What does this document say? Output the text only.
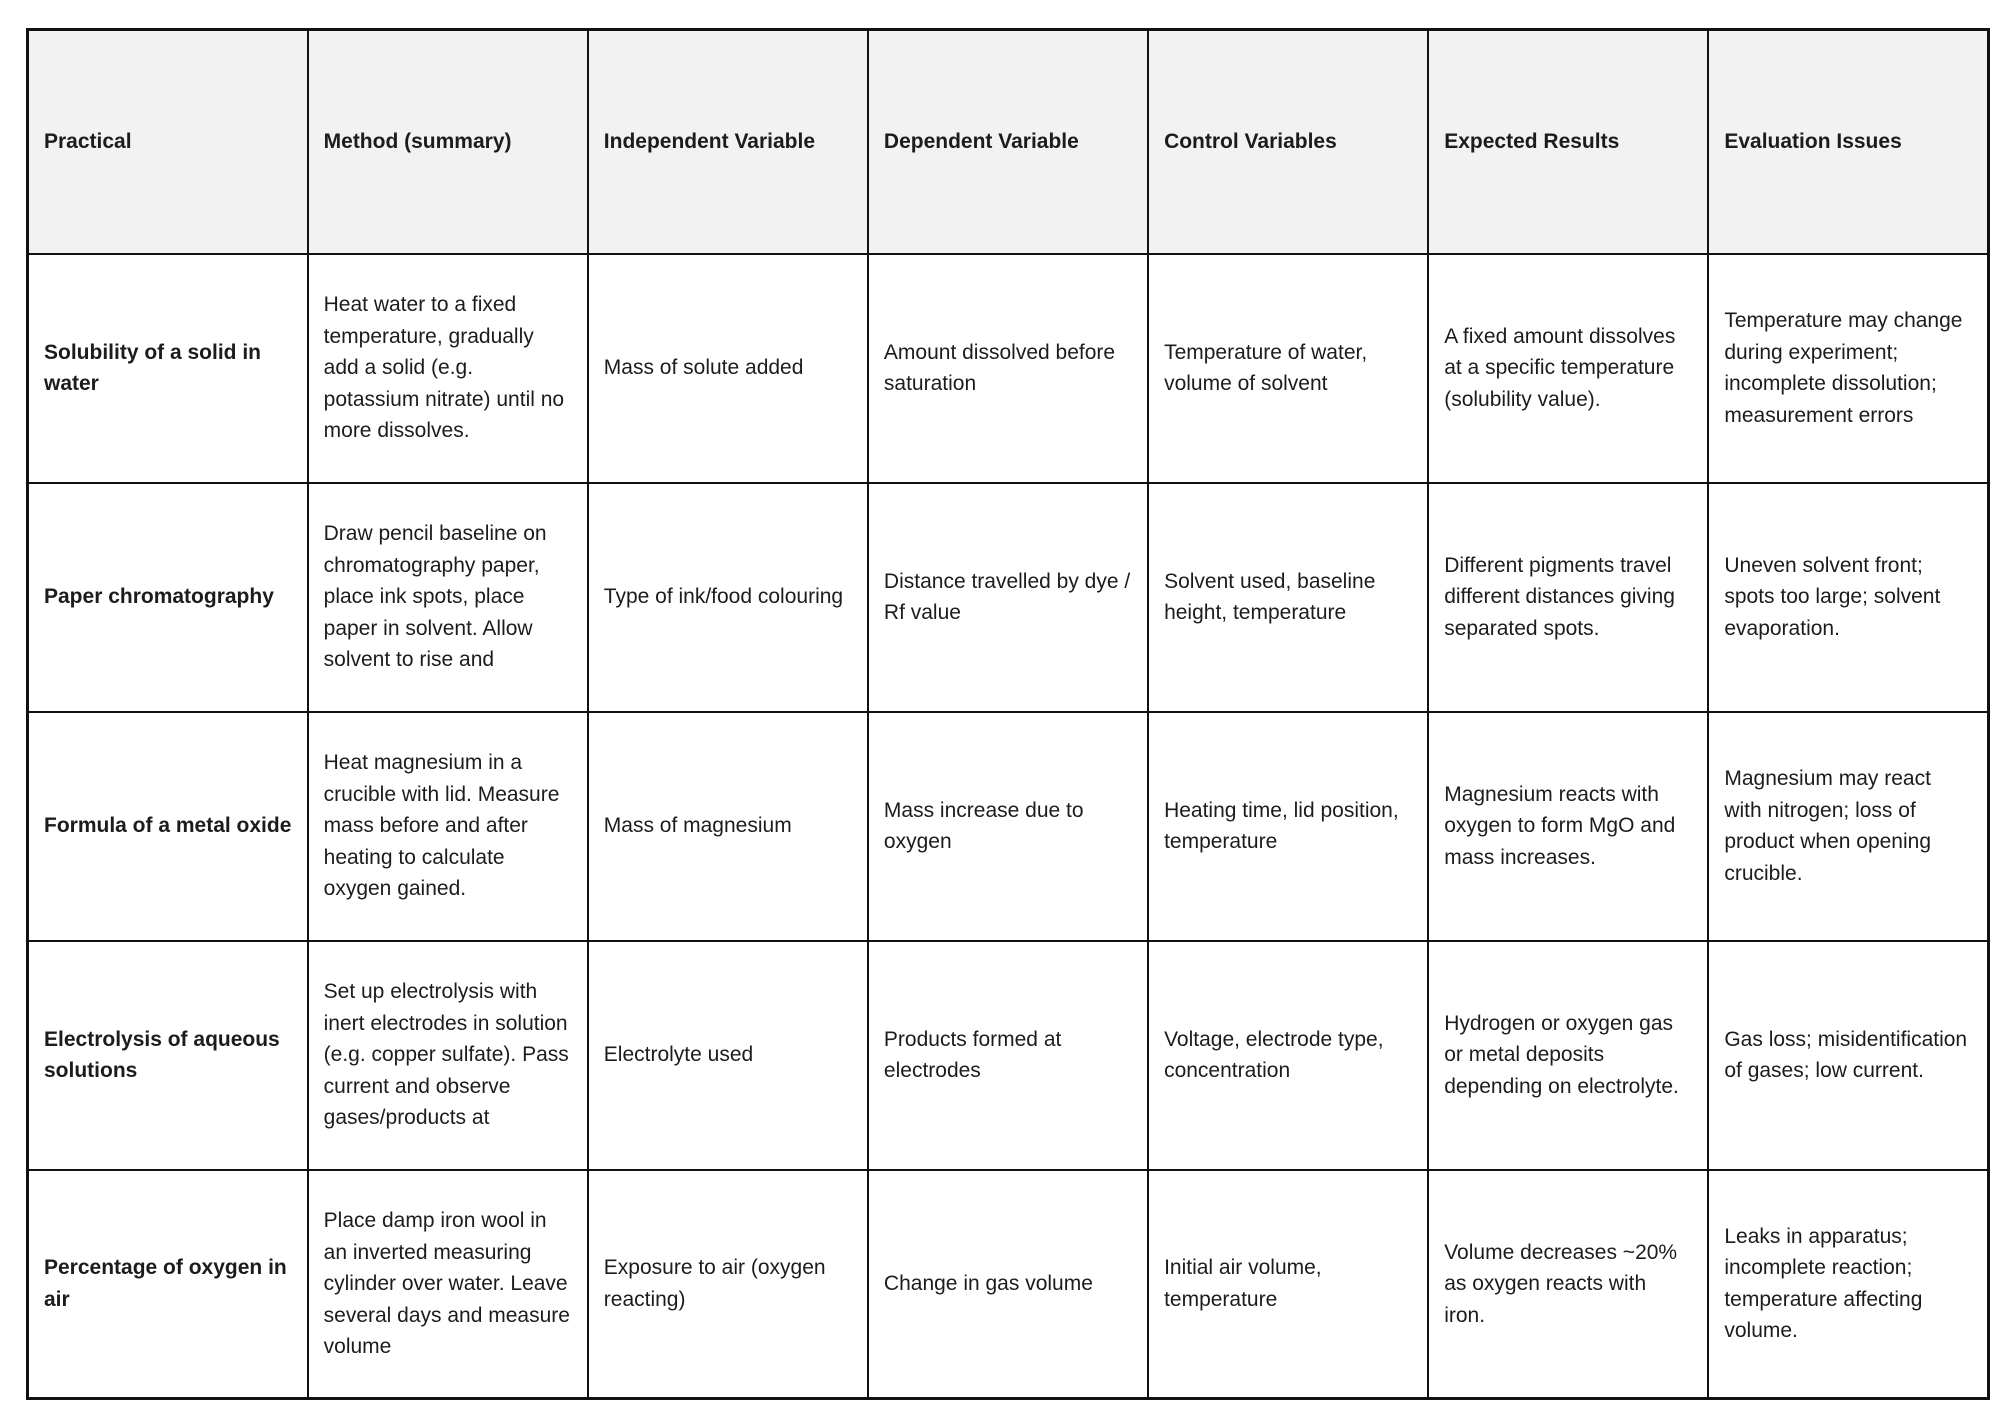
Practical	Method (summary)	Independent Variable	Dependent Variable	Control Variables	Expected Results	Evaluation Issues
Solubility of a solid in water	Heat water to a fixed temperature, gradually add a solid (e.g. potassium nitrate) until no more dissolves.	Mass of solute added	Amount dissolved before saturation	Temperature of water, volume of solvent	A fixed amount dissolves at a specific temperature (solubility value).	Temperature may change during experiment; incomplete dissolution; measurement errors
Paper chromatography	Draw pencil baseline on chromatography paper, place ink spots, place paper in solvent. Allow solvent to rise and	Type of ink/food colouring	Distance travelled by dye / Rf value	Solvent used, baseline height, temperature	Different pigments travel different distances giving separated spots.	Uneven solvent front; spots too large; solvent evaporation.
Formula of a metal oxide	Heat magnesium in a crucible with lid. Measure mass before and after heating to calculate oxygen gained.	Mass of magnesium	Mass increase due to oxygen	Heating time, lid position, temperature	Magnesium reacts with oxygen to form MgO and mass increases.	Magnesium may react with nitrogen; loss of product when opening crucible.
Electrolysis of aqueous solutions	Set up electrolysis with inert electrodes in solution (e.g. copper sulfate). Pass current and observe gases/products at	Electrolyte used	Products formed at electrodes	Voltage, electrode type, concentration	Hydrogen or oxygen gas or metal deposits depending on electrolyte.	Gas loss; misidentification of gases; low current.
Percentage of oxygen in air	Place damp iron wool in an inverted measuring cylinder over water. Leave several days and measure volume	Exposure to air (oxygen reacting)	Change in gas volume	Initial air volume, temperature	Volume decreases ~20% as oxygen reacts with iron.	Leaks in apparatus; incomplete reaction; temperature affecting volume.
